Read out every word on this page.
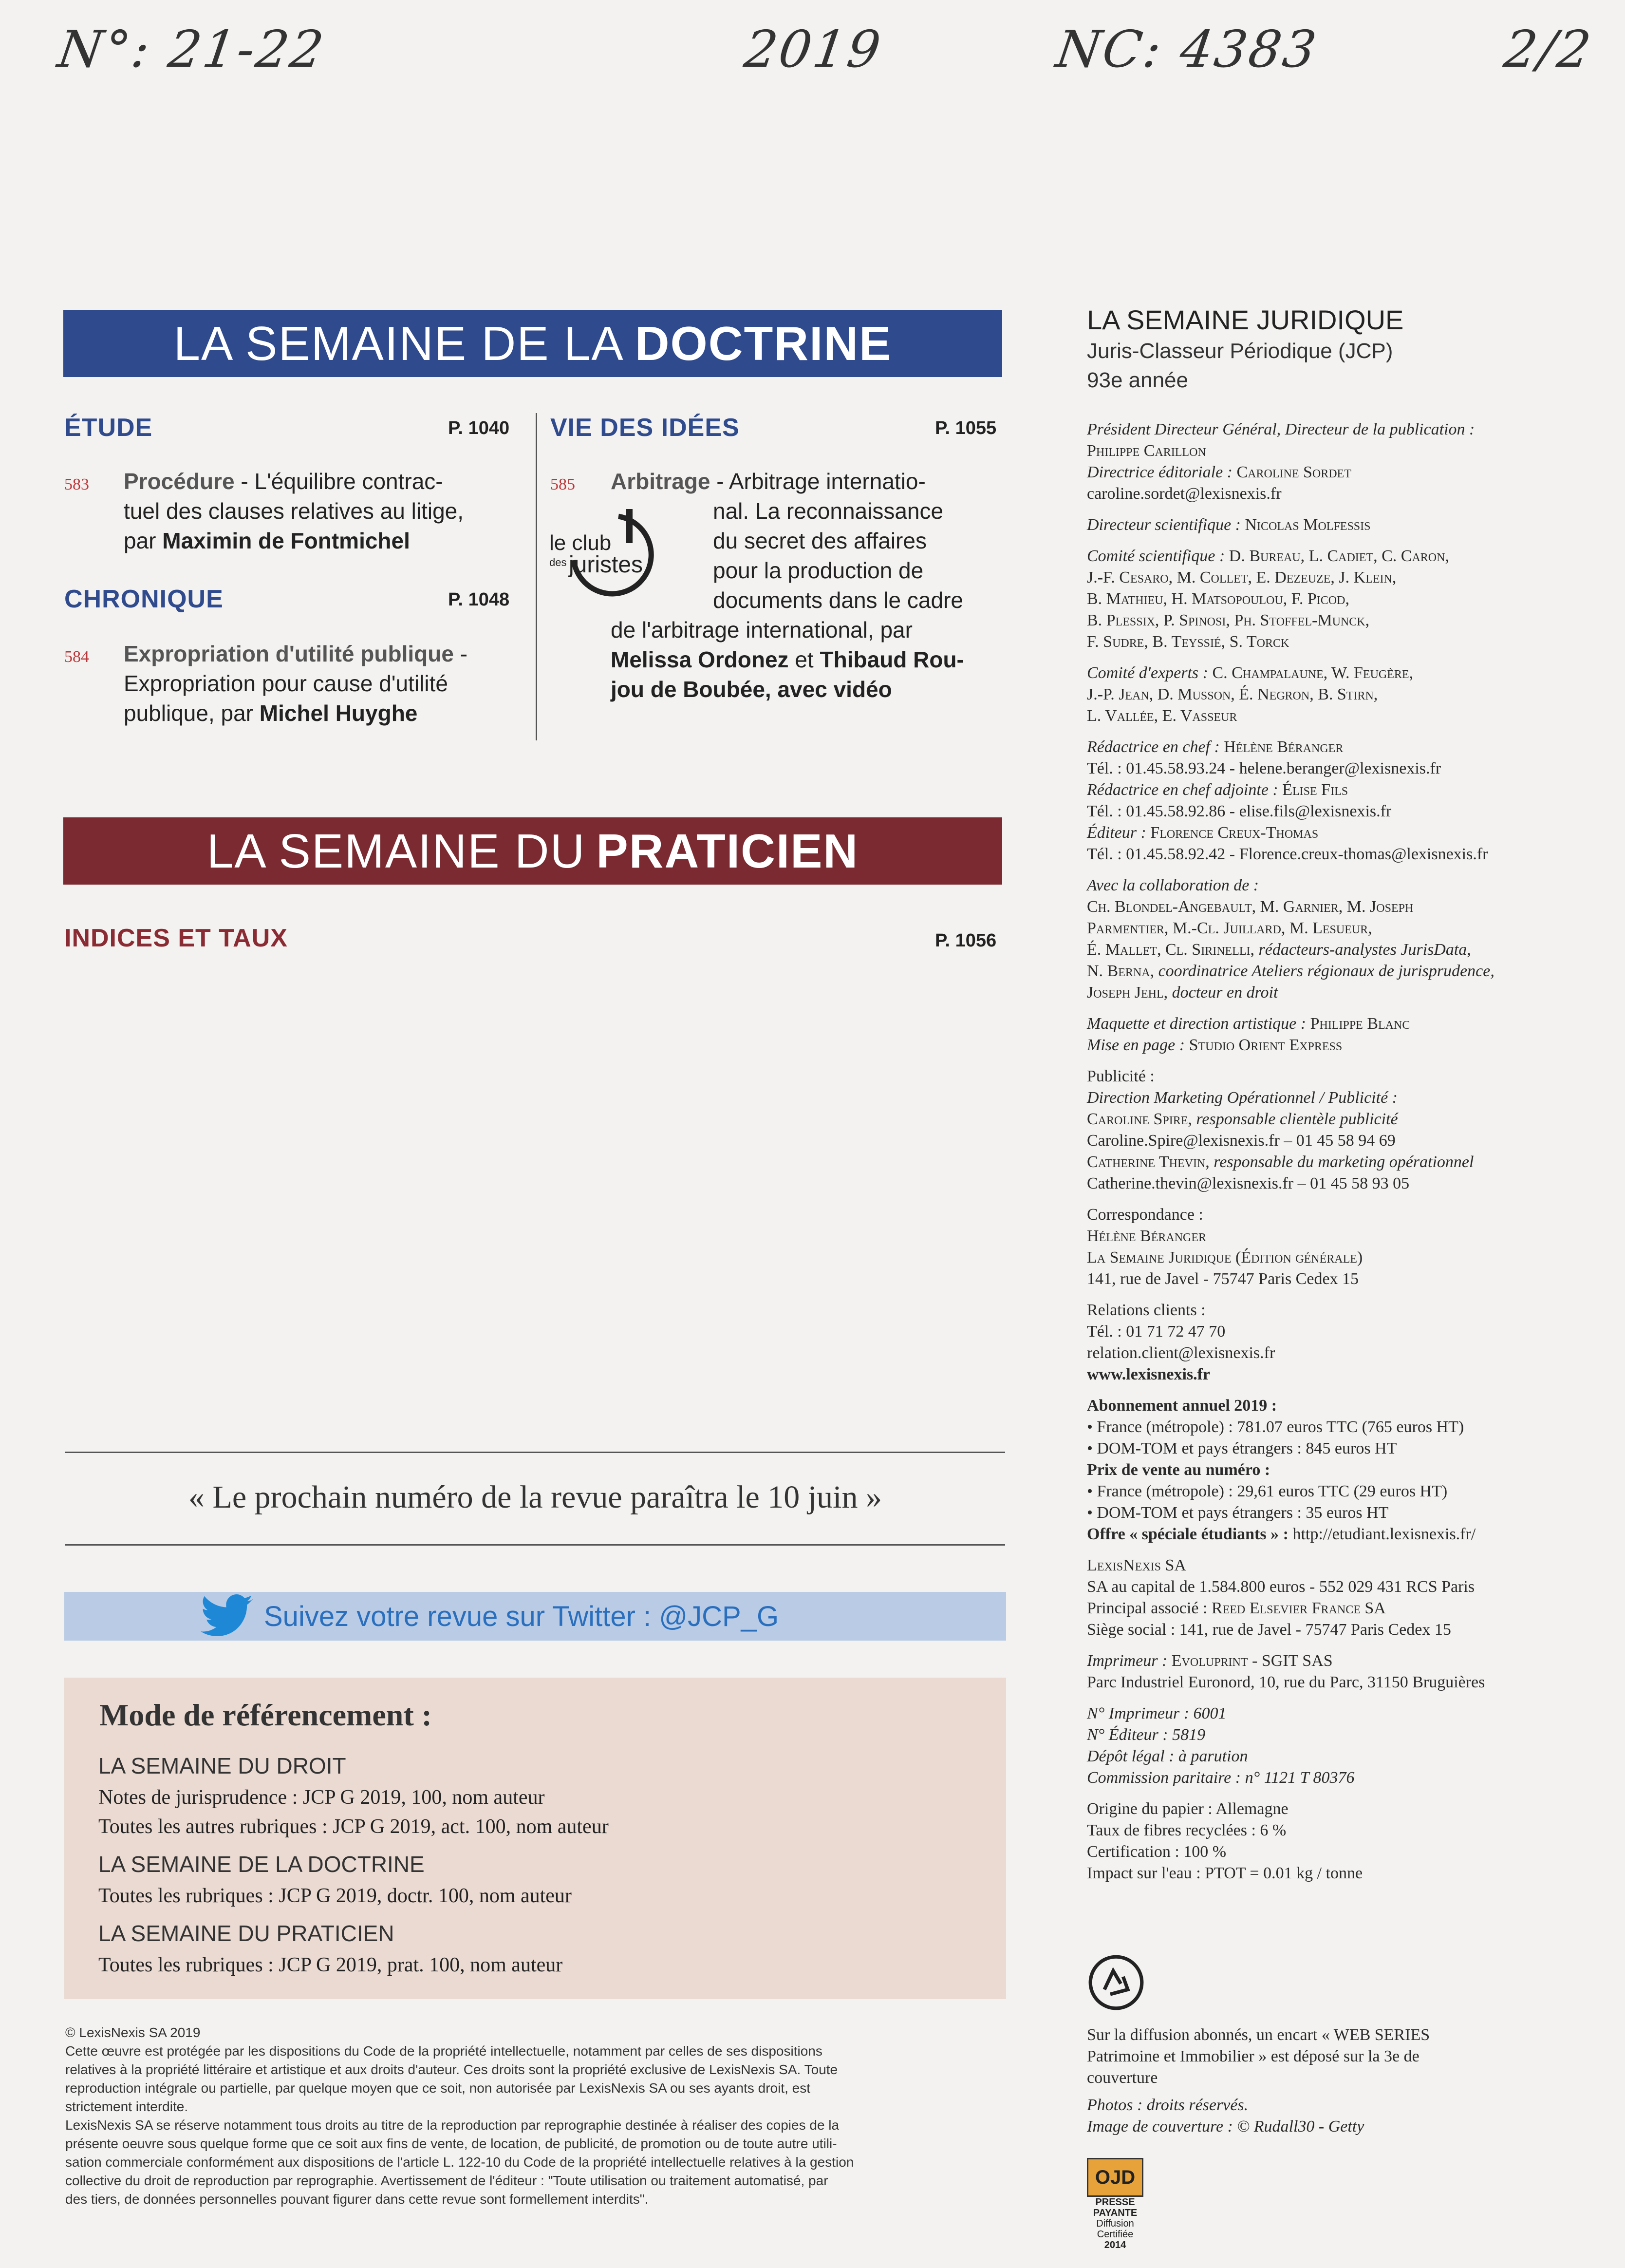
N°: 21-22	2019	NC: 4383	2/2
LA SEMAINE DE LA DOCTRINE
ÉTUDE	P. 1040
583 Procédure - L'équilibre contrac-
tuel des clauses relatives au litige,
par Maximin de Fontmichel
CHRONIQUE	P. 1048
584 Expropriation d'utilité publique -
Expropriation pour cause d'utilité
publique, par Michel Huyghe
VIE DES IDÉES	P. 1055
585
le club
des juristes
Arbitrage - Arbitrage internatio-
nal. La reconnaissance
du secret des affaires
pour la production de
documents dans le cadre
de l'arbitrage international, par
Melissa Ordonez et Thibaud Rou-
jou de Boubée, avec vidéo
LA SEMAINE DU PRATICIEN
INDICES ET TAUX	P. 1056
« Le prochain numéro de la revue paraîtra le 10 juin »
Suivez votre revue sur Twitter : @JCP_G
Mode de référencement :
LA SEMAINE DU DROIT
Notes de jurisprudence : JCP G 2019, 100, nom auteur
Toutes les autres rubriques : JCP G 2019, act. 100, nom auteur
LA SEMAINE DE LA DOCTRINE
Toutes les rubriques : JCP G 2019, doctr. 100, nom auteur
LA SEMAINE DU PRATICIEN
Toutes les rubriques : JCP G 2019, prat. 100, nom auteur
© LexisNexis SA 2019
Cette œuvre est protégée par les dispositions du Code de la propriété intellectuelle, notamment par celles de ses dispositions
relatives à la propriété littéraire et artistique et aux droits d'auteur. Ces droits sont la propriété exclusive de LexisNexis SA. Toute
reproduction intégrale ou partielle, par quelque moyen que ce soit, non autorisée par LexisNexis SA ou ses ayants droit, est
strictement interdite.
LexisNexis SA se réserve notamment tous droits au titre de la reproduction par reprographie destinée à réaliser des copies de la
présente oeuvre sous quelque forme que ce soit aux fins de vente, de location, de publicité, de promotion ou de toute autre utili-
sation commerciale conformément aux dispositions de l'article L. 122-10 du Code de la propriété intellectuelle relatives à la gestion
collective du droit de reproduction par reprographie. Avertissement de l'éditeur : "Toute utilisation ou traitement automatisé, par
des tiers, de données personnelles pouvant figurer dans cette revue sont formellement interdits".
LA SEMAINE JURIDIQUE
Juris-Classeur Périodique (JCP)
93e année
Président Directeur Général, Directeur de la publication :
Philippe Carillon
Directrice éditoriale : Caroline Sordet
caroline.sordet@lexisnexis.fr
Directeur scientifique : Nicolas Molfessis
Comité scientifique : D. Bureau, L. Cadiet, C. Caron,
J.-F. Cesaro, M. Collet, E. Dezeuze, J. Klein,
B. Mathieu, H. Matsopoulou, F. Picod,
B. Plessix, P. Spinosi, Ph. Stoffel-Munck,
F. Sudre, B. Teyssié, S. Torck
Comité d'experts : C. Champalaune, W. Feugère,
J.-P. Jean, D. Musson, É. Negron, B. Stirn,
L. Vallée, E. Vasseur
Rédactrice en chef : Hélène Béranger
Tél. : 01.45.58.93.24 - helene.beranger@lexisnexis.fr
Rédactrice en chef adjointe : Élise Fils
Tél. : 01.45.58.92.86 - elise.fils@lexisnexis.fr
Éditeur : Florence Creux-Thomas
Tél. : 01.45.58.92.42 - Florence.creux-thomas@lexisnexis.fr
Avec la collaboration de :
Ch. Blondel-Angebault, M. Garnier, M. Joseph
Parmentier, M.-Cl. Juillard, M. Lesueur,
É. Mallet, Cl. Sirinelli, rédacteurs-analystes JurisData,
N. Berna, coordinatrice Ateliers régionaux de jurisprudence,
Joseph Jehl, docteur en droit
Maquette et direction artistique : Philippe Blanc
Mise en page : Studio Orient Express
Publicité :
Direction Marketing Opérationnel / Publicité :
Caroline Spire, responsable clientèle publicité
Caroline.Spire@lexisnexis.fr – 01 45 58 94 69
Catherine Thevin, responsable du marketing opérationnel
Catherine.thevin@lexisnexis.fr – 01 45 58 93 05
Correspondance :
Hélène Béranger
La Semaine Juridique (Édition générale)
141, rue de Javel - 75747 Paris Cedex 15
Relations clients :
Tél. : 01 71 72 47 70
relation.client@lexisnexis.fr
www.lexisnexis.fr
Abonnement annuel 2019 :
• France (métropole) : 781.07 euros TTC (765 euros HT)
• DOM-TOM et pays étrangers : 845 euros HT
Prix de vente au numéro :
• France (métropole) : 29,61 euros TTC (29 euros HT)
• DOM-TOM et pays étrangers : 35 euros HT
Offre « spéciale étudiants » : http://etudiant.lexisnexis.fr/
LexisNexis SA
SA au capital de 1.584.800 euros - 552 029 431 RCS Paris
Principal associé : Reed Elsevier France SA
Siège social : 141, rue de Javel - 75747 Paris Cedex 15
Imprimeur : Evoluprint - SGIT SAS
Parc Industriel Euronord, 10, rue du Parc, 31150 Bruguières
N° Imprimeur : 6001
N° Éditeur : 5819
Dépôt légal : à parution
Commission paritaire : n° 1121 T 80376
Origine du papier : Allemagne
Taux de fibres recyclées : 6 %
Certification : 100 %
Impact sur l'eau : PTOT = 0.01 kg / tonne
Sur la diffusion abonnés, un encart « WEB SERIES
Patrimoine et Immobilier » est déposé sur la 3e de
couverture
Photos : droits réservés.
Image de couverture : © Rudall30 - Getty
OJD
PRESSE
PAYANTE
Diffusion
Certifiée
2014
